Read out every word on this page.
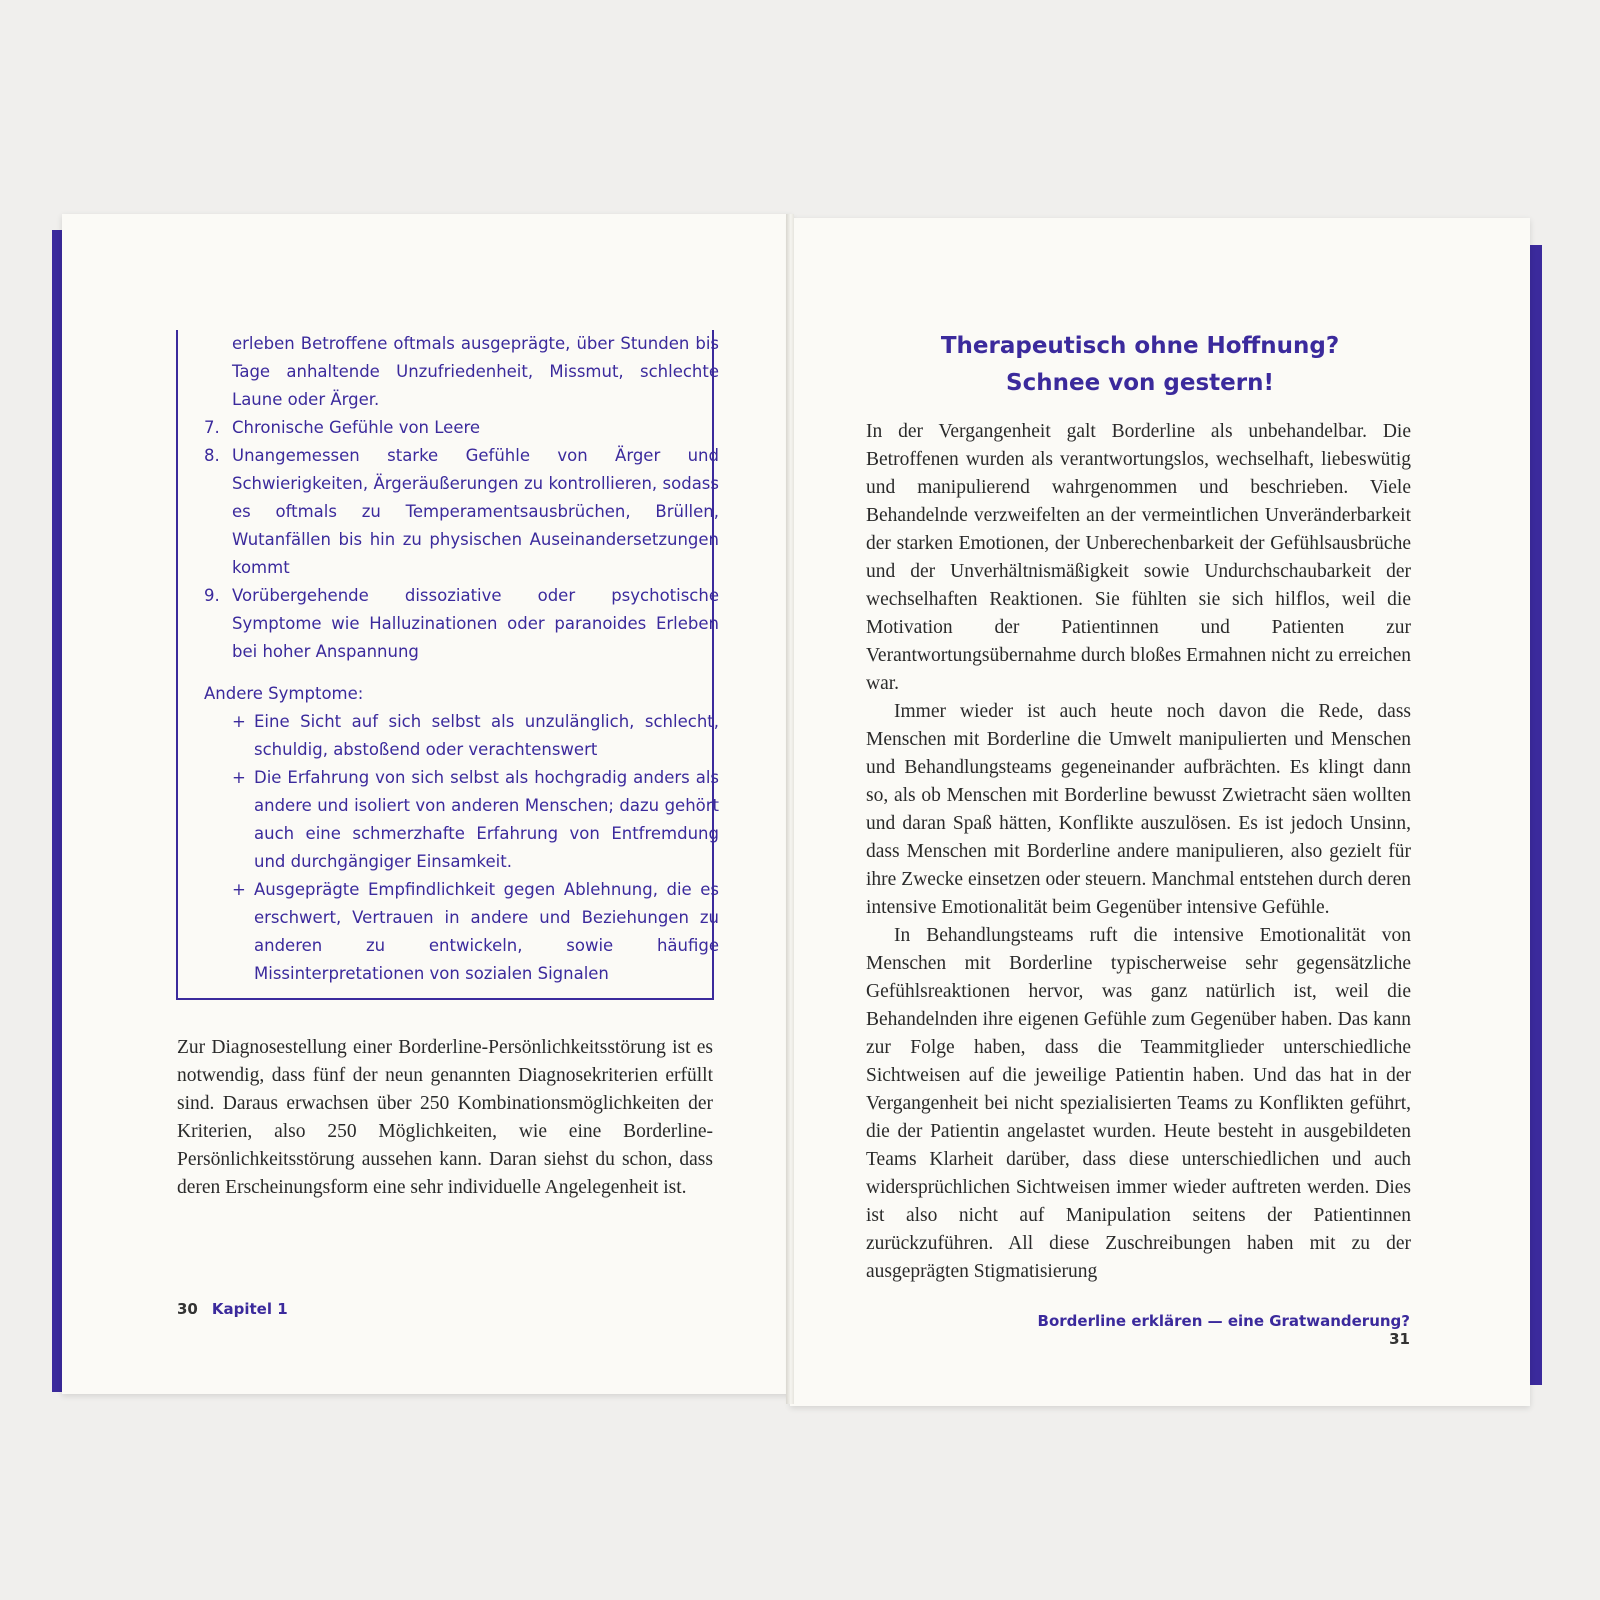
erleben Betroffene oftmals ausgeprägte, über Stunden bis Tage anhaltende Unzufriedenheit, Missmut, schlechte Laune oder Ärger.
7. Chronische Gefühle von Leere
8. Unangemessen starke Gefühle von Ärger und Schwierigkeiten, Ärgeräußerungen zu kontrollieren, sodass es oftmals zu Temperamentsausbrüchen, Brüllen, Wutanfällen bis hin zu physischen Auseinandersetzungen kommt
9. Vorübergehende dissoziative oder psychotische Symptome wie Halluzinationen oder paranoides Erleben bei hoher Anspannung
Andere Symptome:
+ Eine Sicht auf sich selbst als unzulänglich, schlecht, schuldig, abstoßend oder verachtenswert
+ Die Erfahrung von sich selbst als hochgradig anders als andere und isoliert von anderen Menschen; dazu gehört auch eine schmerzhafte Erfahrung von Entfremdung und durchgängiger Einsamkeit.
+ Ausgeprägte Empfindlichkeit gegen Ablehnung, die es erschwert, Vertrauen in andere und Beziehungen zu anderen zu entwickeln, sowie häufige Missinterpretationen von sozialen Signalen
Zur Diagnosestellung einer Borderline-Persönlichkeitsstörung ist es notwendig, dass fünf der neun genannten Diagnosekriterien erfüllt sind. Daraus erwachsen über 250 Kombinationsmöglichkeiten der Kriterien, also 250 Möglichkeiten, wie eine Borderline-Persönlichkeitsstörung aussehen kann. Daran siehst du schon, dass deren Erscheinungsform eine sehr individuelle Angelegenheit ist.
30 Kapitel 1
Therapeutisch ohne Hoffnung?
Schnee von gestern!

In der Vergangenheit galt Borderline als unbehandelbar. Die Betroffenen wurden als verantwortungslos, wechselhaft, liebeswütig und manipulierend wahrgenommen und beschrieben. Viele Behandelnde verzweifelten an der vermeintlichen Unveränderbarkeit der starken Emotionen, der Unberechenbarkeit der Gefühlsausbrüche und der Unverhältnismäßigkeit sowie Undurchschaubarkeit der wechselhaften Reaktionen. Sie fühlten sie sich hilflos, weil die Motivation der Patientinnen und Patienten zur Verantwortungsübernahme durch bloßes Ermahnen nicht zu erreichen war.

Immer wieder ist auch heute noch davon die Rede, dass Menschen mit Borderline die Umwelt manipulierten und Menschen und Behandlungsteams gegeneinander aufbrächten. Es klingt dann so, als ob Menschen mit Borderline bewusst Zwietracht säen wollten und daran Spaß hätten, Konflikte auszulösen. Es ist jedoch Unsinn, dass Menschen mit Borderline andere manipulieren, also gezielt für ihre Zwecke einsetzen oder steuern. Manchmal entstehen durch deren intensive Emotionalität beim Gegenüber intensive Gefühle.

In Behandlungsteams ruft die intensive Emotionalität von Menschen mit Borderline typischerweise sehr gegensätzliche Gefühlsreaktionen hervor, was ganz natürlich ist, weil die Behandelnden ihre eigenen Gefühle zum Gegenüber haben. Das kann zur Folge haben, dass die Teammitglieder unterschiedliche Sichtweisen auf die jeweilige Patientin haben. Und das hat in der Vergangenheit bei nicht spezialisierten Teams zu Konflikten geführt, die der Patientin angelastet wurden. Heute besteht in ausgebildeten Teams Klarheit darüber, dass diese unterschiedlichen und auch widersprüchlichen Sichtweisen immer wieder auftreten werden. Dies ist also nicht auf Manipulation seitens der Patientinnen zurückzuführen. All diese Zuschreibungen haben mit zu der ausgeprägten Stigmatisierung

Borderline erklären — eine Gratwanderung?31
